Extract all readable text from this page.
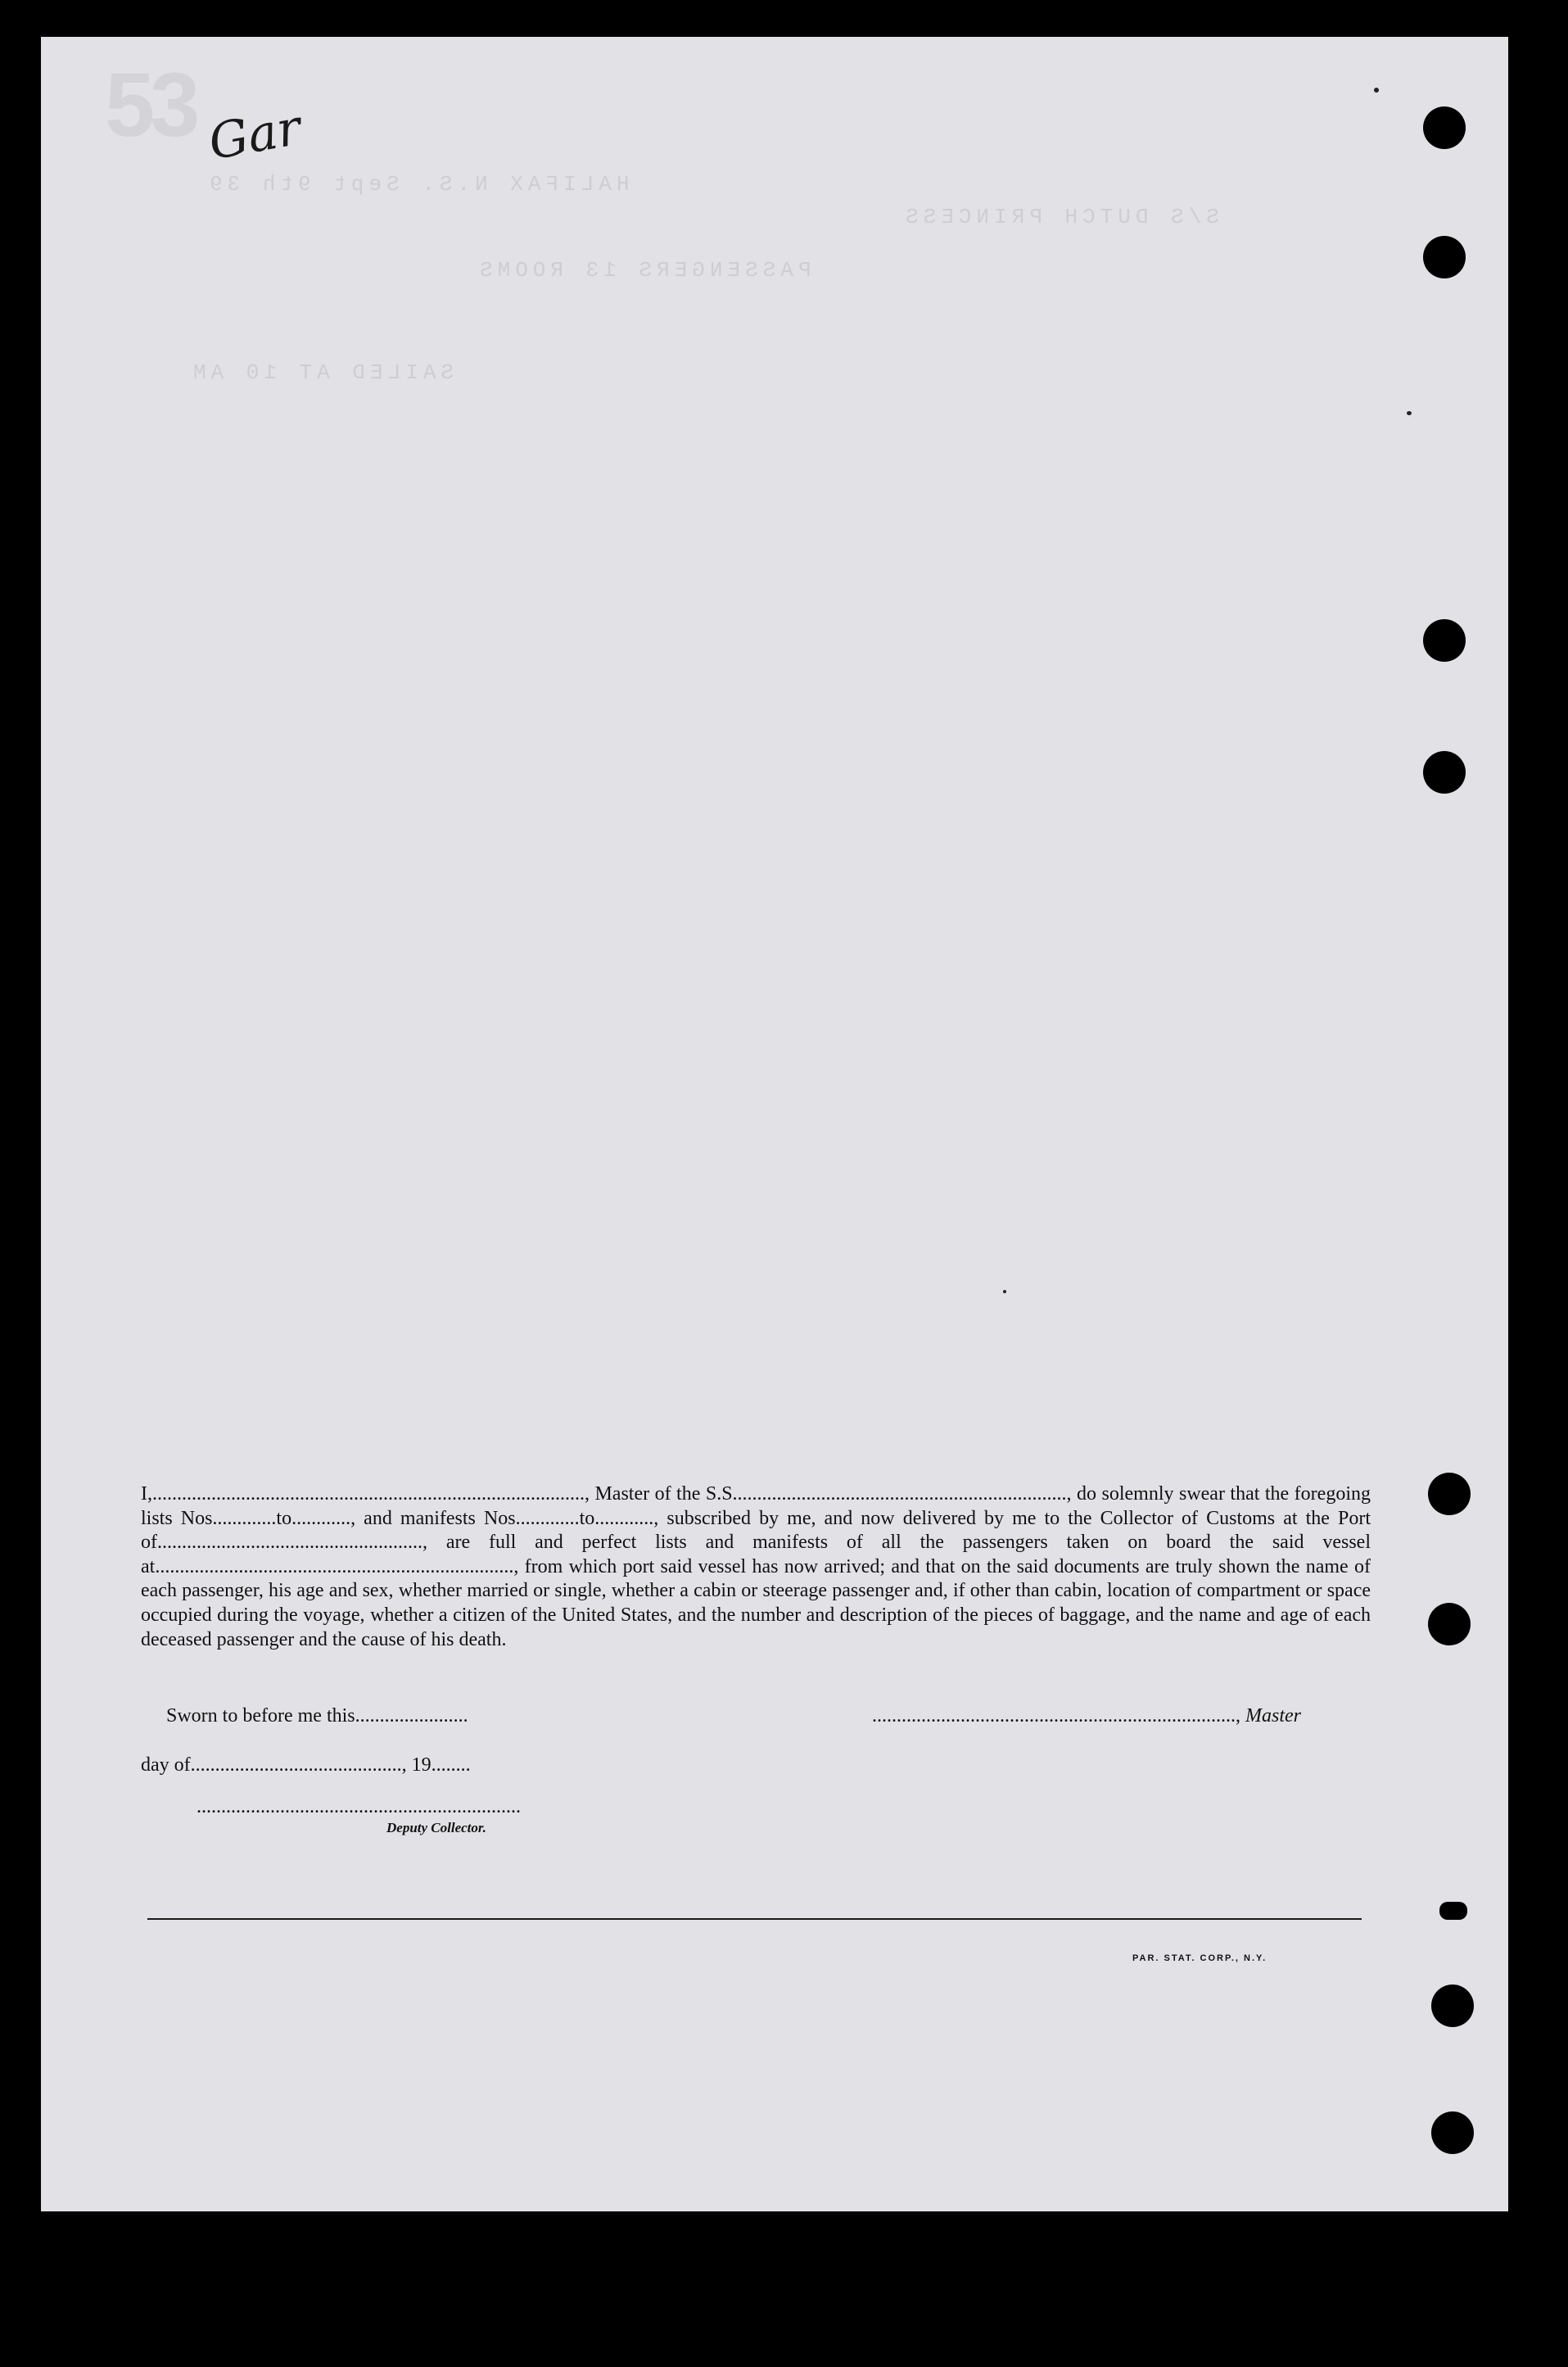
53 Gar
S/S DUTCH PRINCESS
HALIFAX N.S. Sept 9th 39
PASSENGERS 13 ROOMS
SAILED AT 10 AM
I,........................................................................................, Master of the S.S...................................................................., do solemnly swear that the foregoing lists Nos.............to............, and manifests Nos.............to............, subscribed by me, and now delivered by me to the Collector of Customs at the Port of......................................................, are full and perfect lists and manifests of all the passengers taken on board the said vessel at........................................................................., from which port said vessel has now arrived; and that on the said documents are truly shown the name of each passenger, his age and sex, whether married or single, whether a cabin or steerage passenger and, if other than cabin, location of compartment or space occupied during the voyage, whether a citizen of the United States, and the number and description of the pieces of baggage, and the name and age of each deceased passenger and the cause of his death.
Sworn to before me this.......................	.........................................................................., Master
day of..........................................., 19........
..................................................................
Deputy Collector.
PAR. STAT. CORP., N.Y.
